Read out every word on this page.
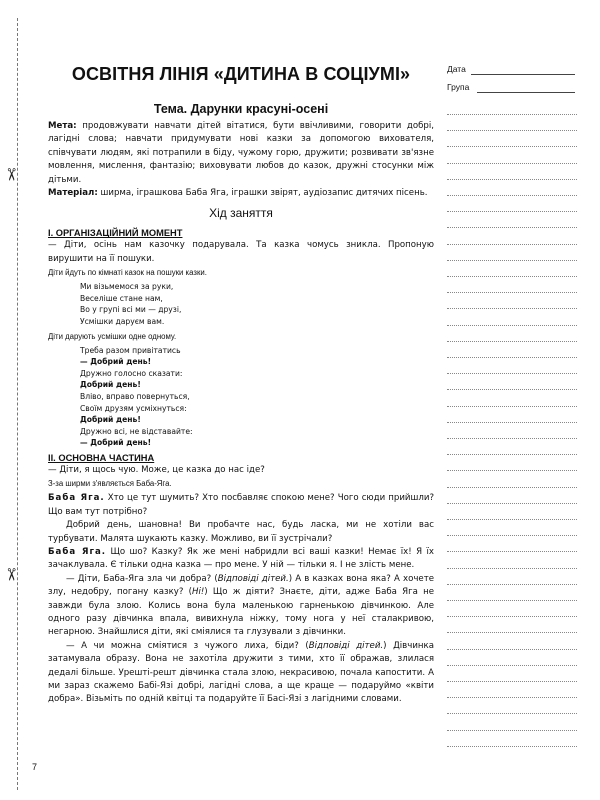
✂
✂
Дата
Група
ОСВІТНЯ ЛІНІЯ «ДИТИНА В СОЦІУМІ»
Тема. Дарунки красуні-осені

Мета: продовжувати навчати дітей вітатися, бути ввічливими, говорити добрі, лагідні слова; навчати придумувати нові казки за допомогою вихователя, співчувати людям, які потрапили в біду, чужому горю, дружити; розвивати зв'язне мовлення, мислення, фантазію; виховувати любов до казок, дружні стосунки між дітьми.

Матеріал: ширма, іграшкова Баба Яга, іграшки звірят, аудіозапис дитячих пісень.

Хід заняття
I. ОРГАНІЗАЦІЙНИЙ МОМЕНТ

— Діти, осінь нам казочку подарувала. Та казка чомусь зникла. Пропоную вирушити на її пошуки.

Діти йдуть по кімнаті казок на пошуки казки.
Ми візьмемося за руки,
Веселіше стане нам,
Во у групі всі ми — друзі,
Усмішки даруєм вам.
Діти дарують усмішки одне одному.
Треба разом привітатись
— Добрий день!
Дружно голосно сказати:
Добрий день!
Вліво, вправо повернуться,
Своїм друзям усміхнуться:
Добрий день!
Дружно всі, не відставайте:
— Добрий день!
II. ОСНОВНА ЧАСТИНА

— Діти, я щось чую. Може, це казка до нас іде?

З-за ширми з'являється Баба-Яга.

Баба Яга. Хто це тут шумить? Хто посбавляє спокою мене? Чого сюди прийшли? Що вам тут потрібно?

Добрий день, шановна! Ви пробачте нас, будь ласка, ми не хотіли вас турбувати. Малята шукають казку. Можливо, ви її зустрічали?

Баба Яга. Що шо? Казку? Як же мені набридли всі ваші казки! Немає їх! Я їх зачаклувала. Є тільки одна казка — про мене. У ній — тільки я. І не злість мене.

— Діти, Баба-Яга зла чи добра? (Відповіді дітей.) А в казках вона яка? А хочете злу, недобру, погану казку? (Ні!) Що ж діяти? Знаєте, діти, адже Баба Яга не завжди була злою. Колись вона була маленькою гарненькою дівчинкою. Але одного разу дівчинка впала, вивихнула ніжку, тому нога у неї сталакривою, негарною. Знайшлися діти, які сміялися та глузували з дівчинки.

— А чи можна сміятися з чужого лиха, біди? (Відповіді дітей.) Дівчинка затамувала образу. Вона не захотіла дружити з тими, хто її ображав, злилася дедалі більше. Урешті-решт дівчинка стала злою, некрасивою, почала капостити. А ми зараз скажемо Бабі-Язі добрі, лагідні слова, а ще краще — подаруймо «квіти добра». Візьміть по одній квітці та подаруйте її Басі-Язі з лагідними словами.

7
